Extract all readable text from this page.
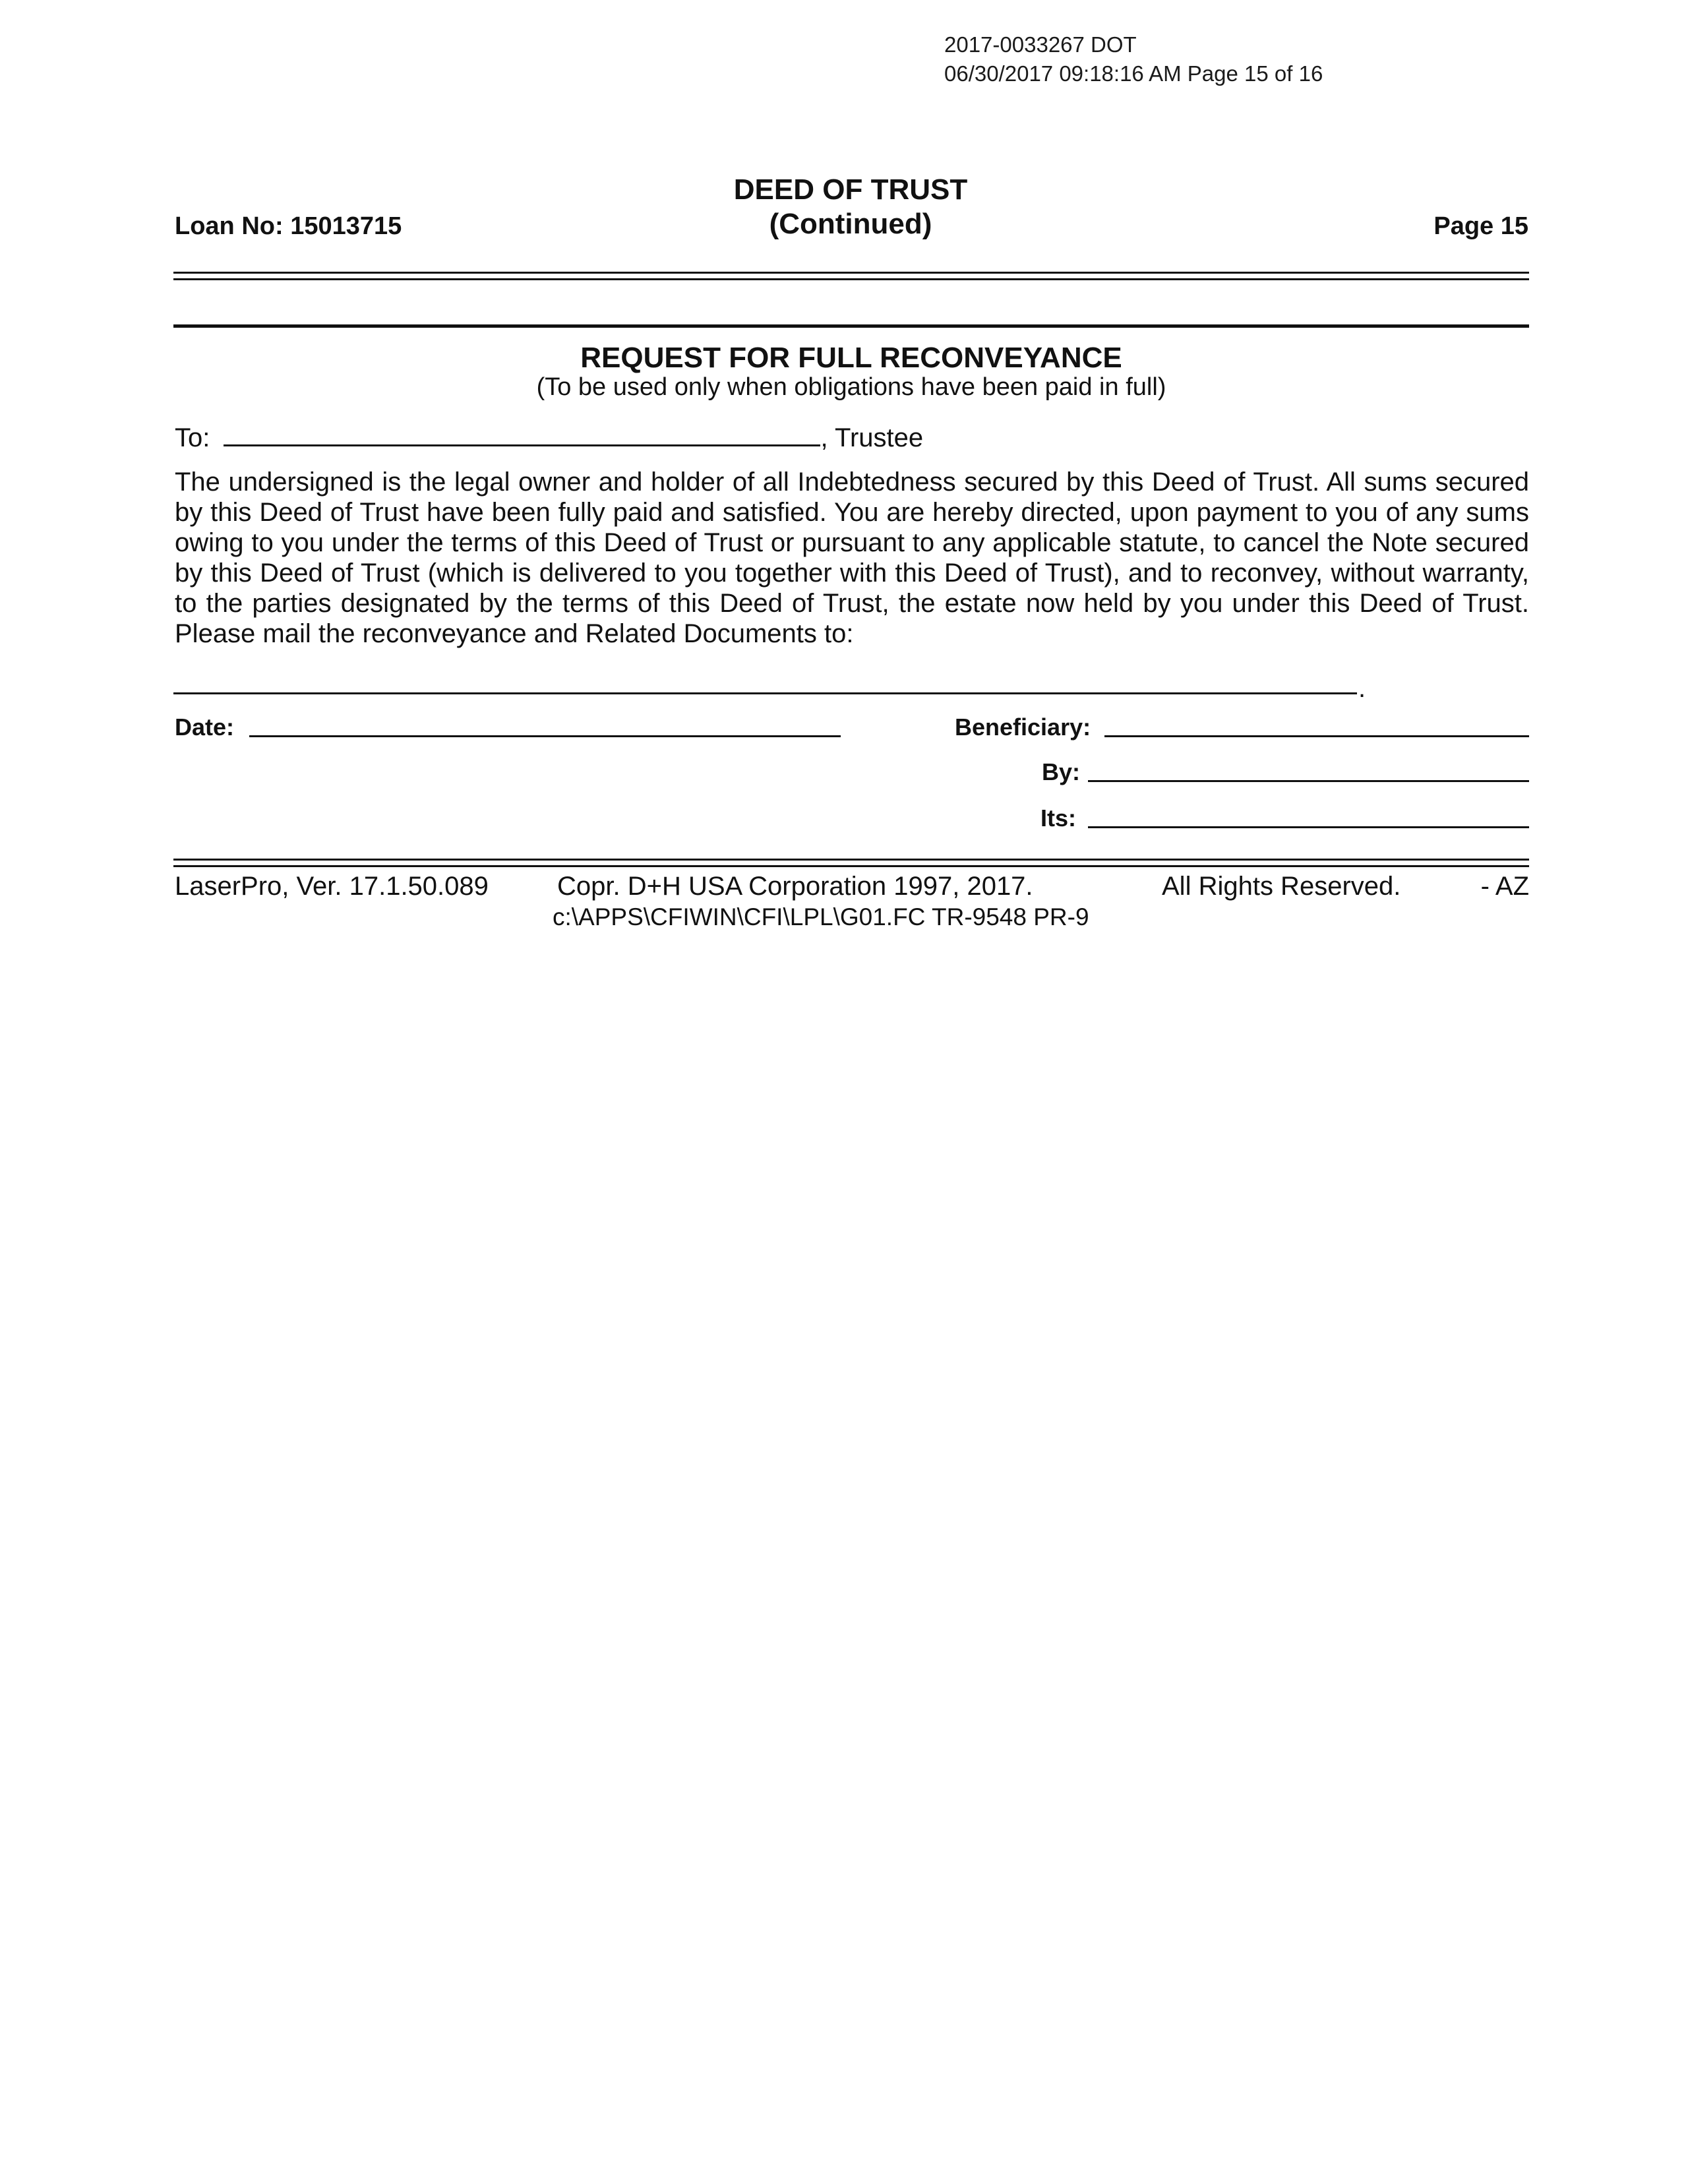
2017-0033267 DOT
06/30/2017 09:18:16 AM Page 15 of 16
Loan No: 15013715
DEED OF TRUST
(Continued)	Page 15
REQUEST FOR FULL RECONVEYANCE
(To be used only when obligations have been paid in full)
To:	, Trustee
The undersigned is the legal owner and holder of all Indebtedness secured by this Deed of Trust. All sums secured by this Deed of Trust have been fully paid and satisfied. You are hereby directed, upon payment to you of any sums owing to you under the terms of this Deed of Trust or pursuant to any applicable statute, to cancel the Note secured by this Deed of Trust (which is delivered to you together with this Deed of Trust), and to reconvey, without warranty, to the parties designated by the terms of this Deed of Trust, the estate now held by you under this Deed of Trust. Please mail the reconveyance and Related Documents to:
.
Date:	Beneficiary:
By:
Its:
LaserPro, Ver. 17.1.50.089	Copr. D+H USA Corporation 1997, 2017.	All Rights Reserved.	- AZ
c:\APPS\CFIWIN\CFI\LPL\G01.FC TR-9548 PR-9
